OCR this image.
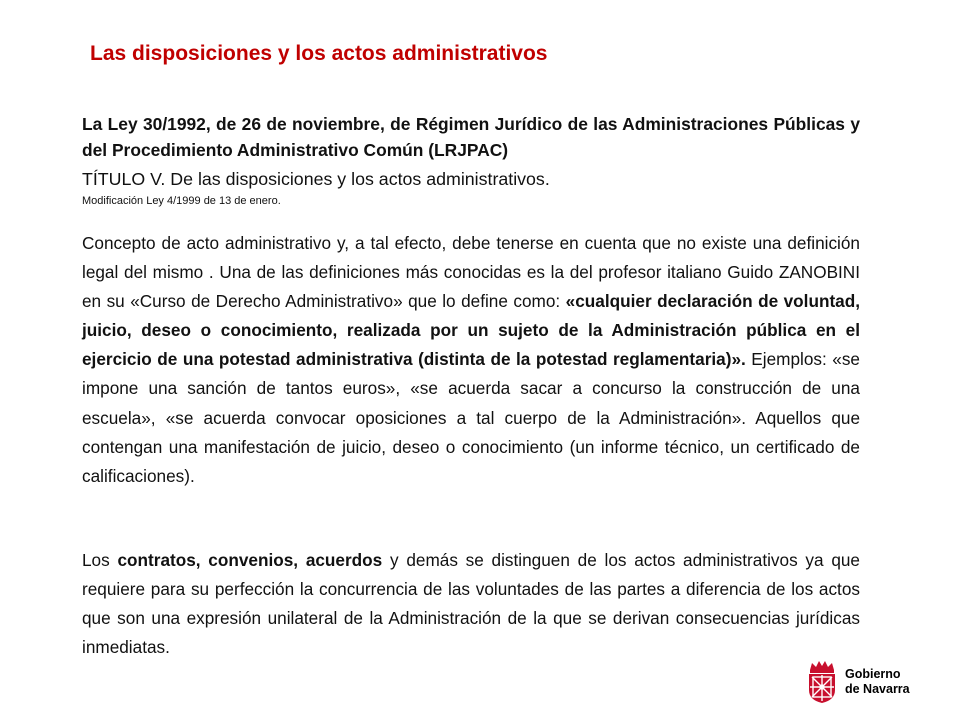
Las disposiciones y los actos administrativos

La Ley 30/1992, de 26 de noviembre, de Régimen Jurídico de las Administraciones Públicas y del Procedimiento Administrativo Común (LRJPAC)

TÍTULO V. De las disposiciones y los actos administrativos.

Modificación Ley 4/1999 de 13 de enero.

Concepto de acto administrativo y, a tal efecto, debe tenerse en cuenta que no existe una definición legal del mismo . Una de las definiciones más conocidas es la del profesor italiano Guido ZANOBINI en su «Curso de Derecho Administrativo» que lo define como: «cualquier declaración de voluntad, juicio, deseo o conocimiento, realizada por un sujeto de la Administración pública en el ejercicio de una potestad administrativa (distinta de la potestad reglamentaria)». Ejemplos: «se impone una sanción de tantos euros», «se acuerda sacar a concurso la construcción de una escuela», «se acuerda convocar oposiciones a tal cuerpo de la Administración». Aquellos que contengan una manifestación de juicio, deseo o conocimiento (un informe técnico, un certificado de calificaciones).

Los contratos, convenios, acuerdos y demás se distinguen de los actos administrativos ya que requiere para su perfección la concurrencia de las voluntades de las partes a diferencia de los actos que son una expresión unilateral de la Administración de la que se derivan consecuencias jurídicas inmediatas.

Gobierno
de Navarra
